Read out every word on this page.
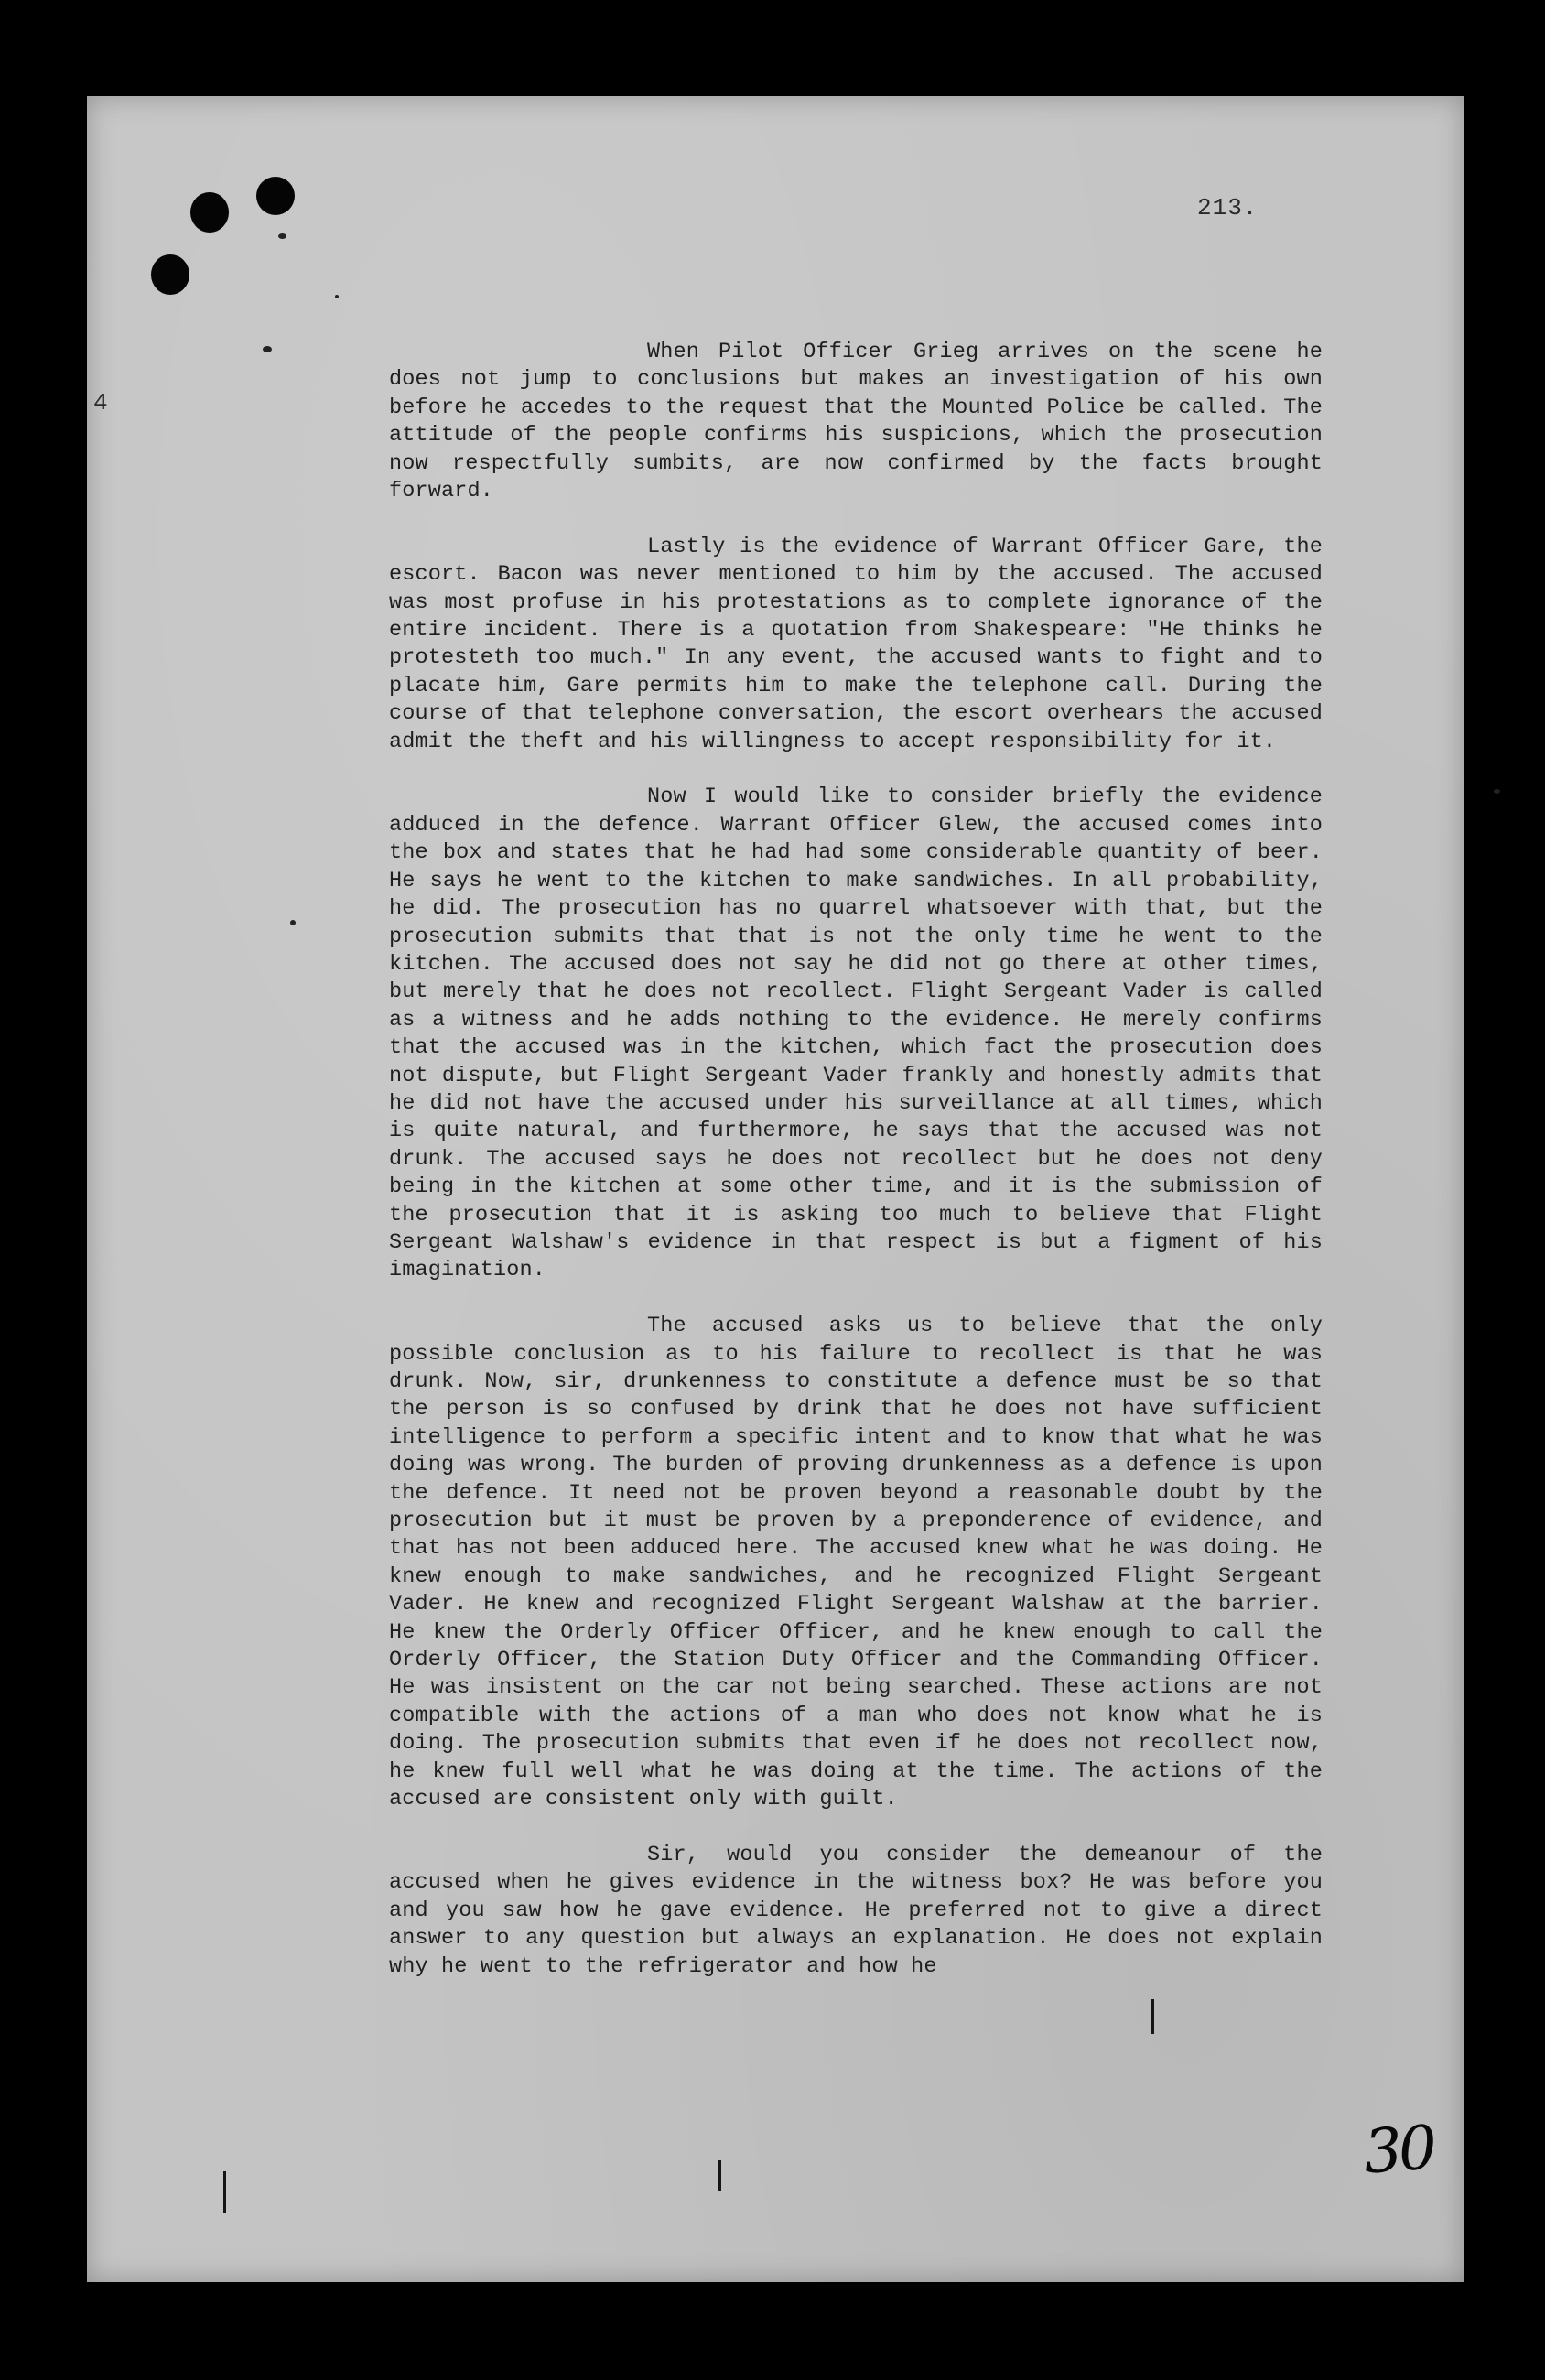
213.
4

When Pilot Officer Grieg arrives on the scene he does not jump to conclusions but makes an investigation of his own before he accedes to the request that the Mounted Police be called. The attitude of the people confirms his suspicions, which the prosecution now respectfully sumbits, are now confirmed by the facts brought forward.

Lastly is the evidence of Warrant Officer Gare, the escort. Bacon was never mentioned to him by the accused. The accused was most profuse in his protestations as to complete ignorance of the entire incident. There is a quotation from Shakespeare: "He thinks he protesteth too much." In any event, the accused wants to fight and to placate him, Gare permits him to make the telephone call. During the course of that telephone conversation, the escort overhears the accused admit the theft and his willingness to accept responsibility for it.

Now I would like to consider briefly the evidence adduced in the defence. Warrant Officer Glew, the accused comes into the box and states that he had had some considerable quantity of beer. He says he went to the kitchen to make sandwiches. In all probability, he did. The prosecution has no quarrel whatsoever with that, but the prosecution submits that that is not the only time he went to the kitchen. The accused does not say he did not go there at other times, but merely that he does not recollect. Flight Sergeant Vader is called as a witness and he adds nothing to the evidence. He merely confirms that the accused was in the kitchen, which fact the prosecution does not dispute, but Flight Sergeant Vader frankly and honestly admits that he did not have the accused under his surveillance at all times, which is quite natural, and furthermore, he says that the accused was not drunk. The accused says he does not recollect but he does not deny being in the kitchen at some other time, and it is the submission of the prosecution that it is asking too much to believe that Flight Sergeant Walshaw's evidence in that respect is but a figment of his imagination.

The accused asks us to believe that the only possible conclusion as to his failure to recollect is that he was drunk. Now, sir, drunkenness to constitute a defence must be so that the person is so confused by drink that he does not have sufficient intelligence to perform a specific intent and to know that what he was doing was wrong. The burden of proving drunkenness as a defence is upon the defence. It need not be proven beyond a reasonable doubt by the prosecution but it must be proven by a preponderence of evidence, and that has not been adduced here. The accused knew what he was doing. He knew enough to make sandwiches, and he recognized Flight Sergeant Vader. He knew and recognized Flight Sergeant Walshaw at the barrier. He knew the Orderly Officer Officer, and he knew enough to call the Orderly Officer, the Station Duty Officer and the Commanding Officer. He was insistent on the car not being searched. These actions are not compatible with the actions of a man who does not know what he is doing. The prosecution submits that even if he does not recollect now, he knew full well what he was doing at the time. The actions of the accused are consistent only with guilt.

Sir, would you consider the demeanour of the accused when he gives evidence in the witness box? He was before you and you saw how he gave evidence. He preferred not to give a direct answer to any question but always an explanation. He does not explain why he went to the refrigerator and how he

30
